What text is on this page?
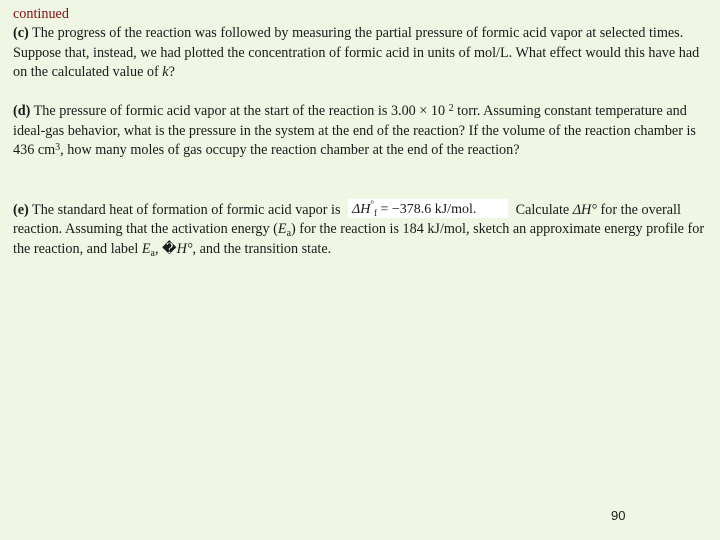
continued

(c) The progress of the reaction was followed by measuring the partial pressure of formic acid vapor at selected times. Suppose that, instead, we had plotted the concentration of formic acid in units of mol/L. What effect would this have had on the calculated value of k?

(d) The pressure of formic acid vapor at the start of the reaction is 3.00 × 10 $^2$ torr. Assuming constant temperature and ideal-gas behavior, what is the pressure in the system at the end of the reaction? If the volume of the reaction chamber is 436 $cm^3$, how many moles of gas occupy the reaction chamber at the end of the reaction?

(e) The standard heat of formation of formic acid vapor is $\Delta H^\circ_f = -378.6$ kJ/mol.	Calculate ΔH° for the overall reaction. Assuming that the activation energy $(E_a)$ for the reaction is 184 kJ/mol, sketch an approximate energy profile for the reaction, and label $E_a$, �H°, and the transition state.

90
